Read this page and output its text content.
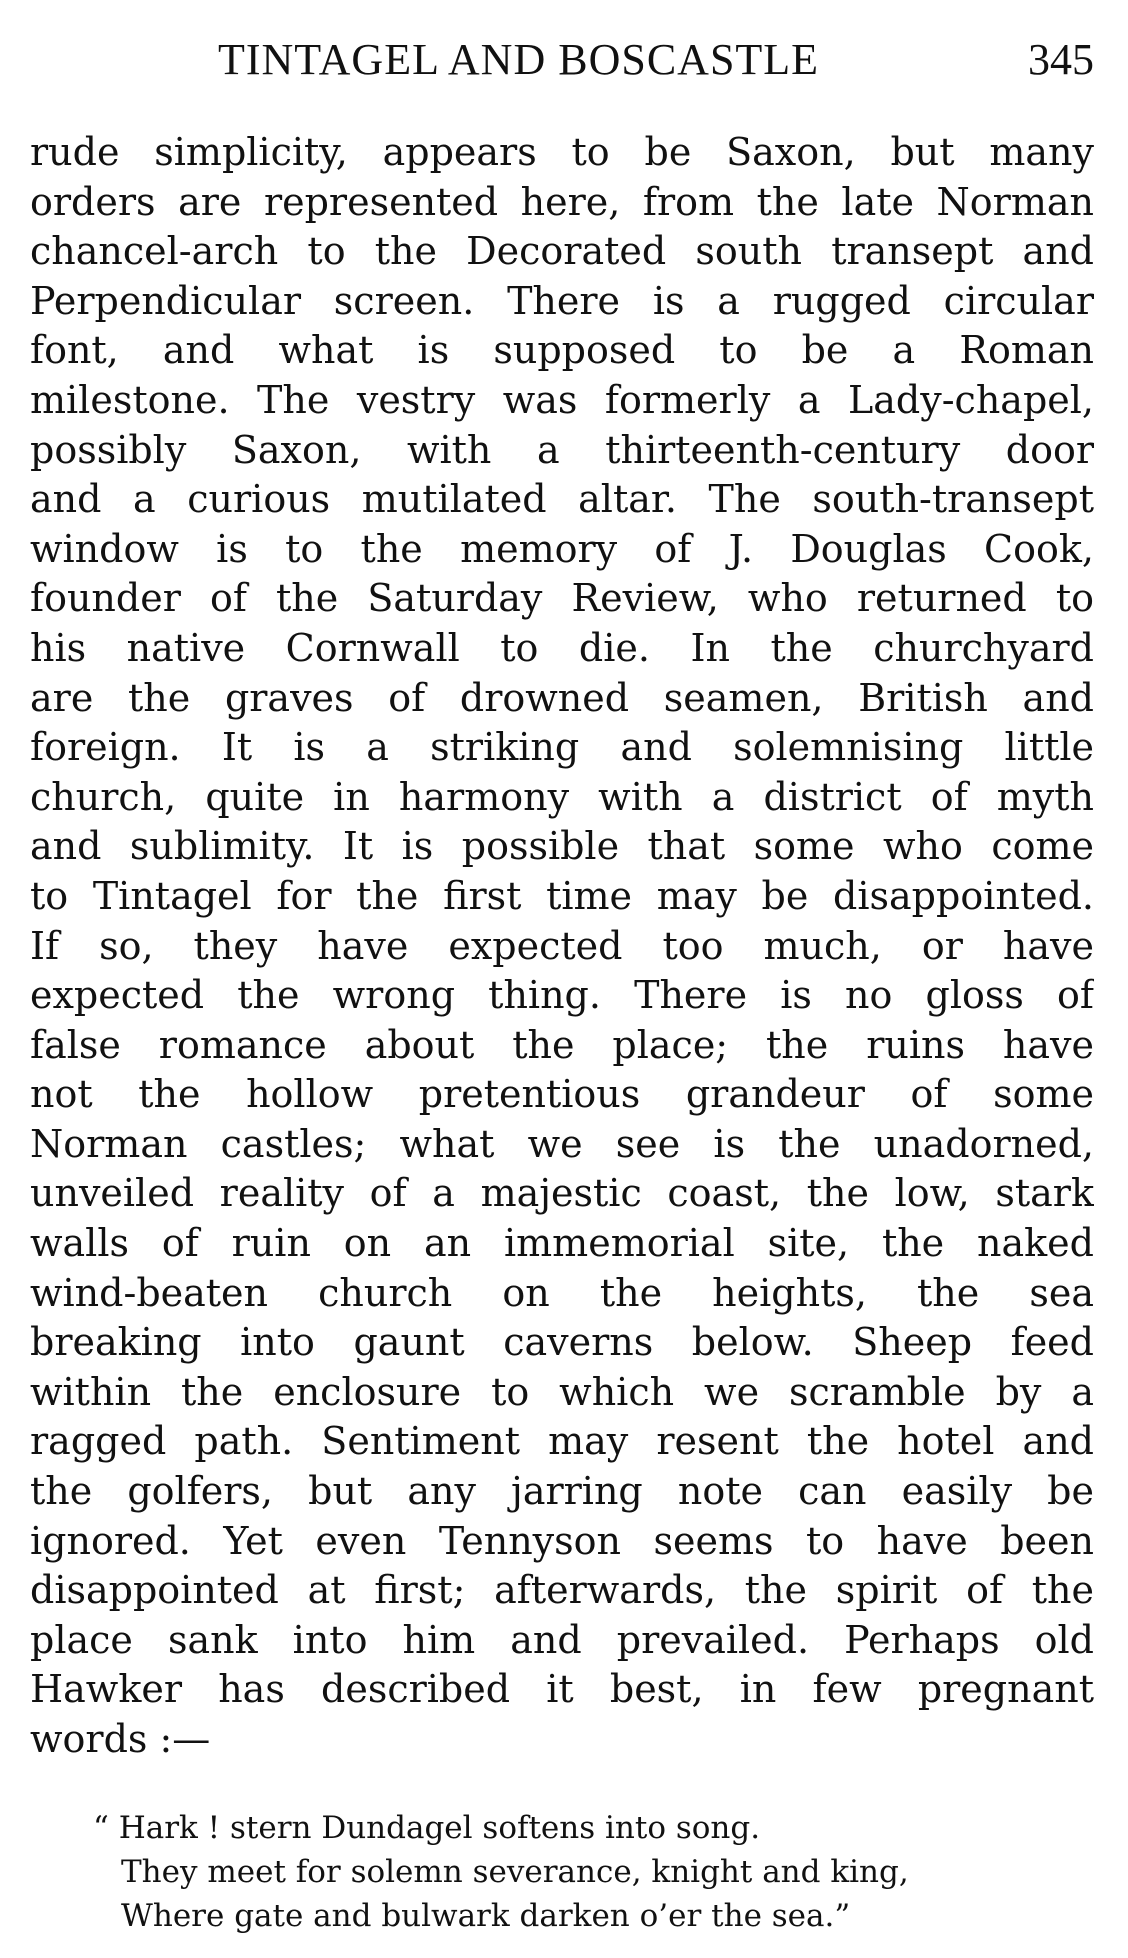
TINTAGEL AND BOSCASTLE	345
rude simplicity, appears to be Saxon, but many
orders are represented here, from the late Norman
chancel-arch to the Decorated south transept and
Perpendicular screen. There is a rugged circular
font, and what is supposed to be a Roman
milestone. The vestry was formerly a Lady-chapel,
possibly Saxon, with a thirteenth-century door
and a curious mutilated altar. The south-transept
window is to the memory of J. Douglas Cook,
founder of the Saturday Review, who returned to
his native Cornwall to die. In the churchyard
are the graves of drowned seamen, British and
foreign. It is a striking and solemnising little
church, quite in harmony with a district of myth
and sublimity. It is possible that some who come
to Tintagel for the first time may be disappointed.
If so, they have expected too much, or have
expected the wrong thing. There is no gloss of
false romance about the place; the ruins have
not the hollow pretentious grandeur of some
Norman castles; what we see is the unadorned,
unveiled reality of a majestic coast, the low, stark
walls of ruin on an immemorial site, the naked
wind-beaten church on the heights, the sea
breaking into gaunt caverns below. Sheep feed
within the enclosure to which we scramble by a
ragged path. Sentiment may resent the hotel and
the golfers, but any jarring note can easily be
ignored. Yet even Tennyson seems to have been
disappointed at first; afterwards, the spirit of the
place sank into him and prevailed. Perhaps old
Hawker has described it best, in few pregnant
words :—
“ Hark ! stern Dundagel softens into song.
They meet for solemn severance, knight and king,
Where gate and bulwark darken o’er the sea.”
